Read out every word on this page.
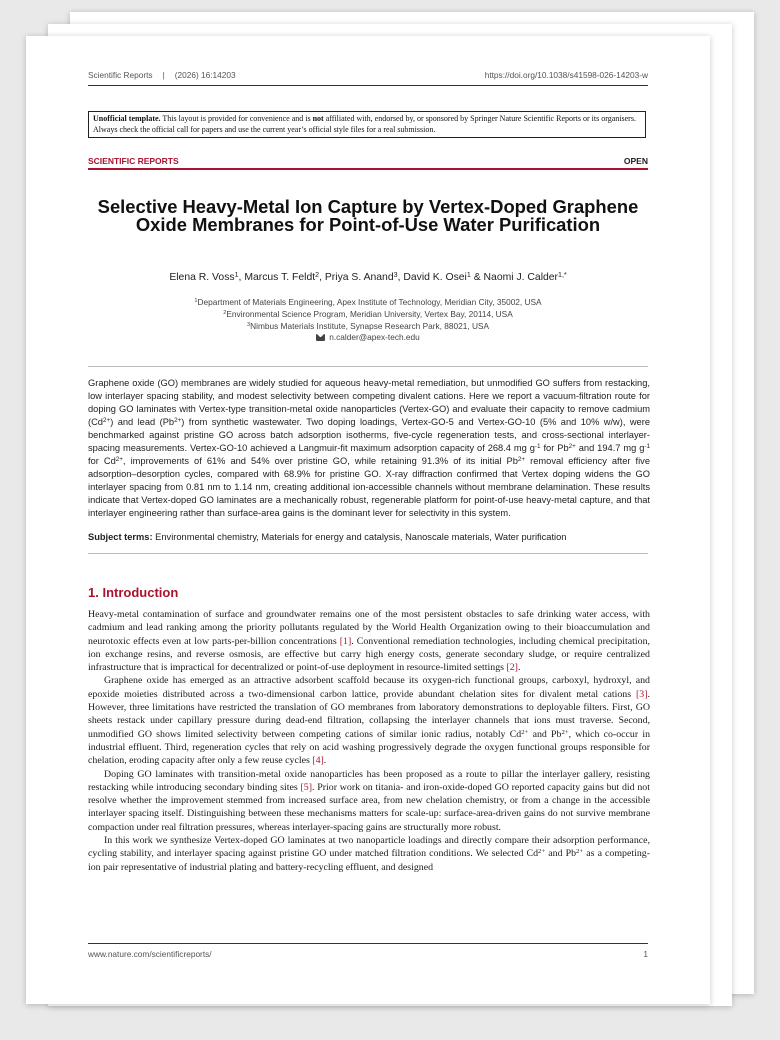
Scientific Reports | (2026) 16:14203	https://doi.org/10.1038/s41598-026-14203-w
Unofficial template. This layout is provided for convenience and is not affiliated with, endorsed by, or sponsored by Springer Nature Scientific Reports or its organisers. Always check the official call for papers and use the current year’s official style files for a real submission.
SCIENTIFIC REPORTS	OPEN
Selective Heavy-Metal Ion Capture by Vertex-Doped Graphene Oxide Membranes for Point-of-Use Water Purification
Elena R. Voss$^1$, Marcus T. Feldt$^2$, Priya S. Anand$^3$, David K. Osei$^1$ & Naomi J. Calder$^{1,*}$
$^1$Department of Materials Engineering, Apex Institute of Technology, Meridian City, 35002, USA
$^2$Environmental Science Program, Meridian University, Vertex Bay, 20114, USA
$^3$Nimbus Materials Institute, Synapse Research Park, 88021, USA
n.calder@apex-tech.edu
Graphene oxide (GO) membranes are widely studied for aqueous heavy-metal remediation, but unmodified GO suffers from restacking, low interlayer spacing stability, and modest selectivity between competing divalent cations. Here we report a vacuum-filtration route for doping GO laminates with Vertex-type transition-metal oxide nanoparticles (Vertex-GO) and evaluate their capacity to remove cadmium $(Cd^{2+})$ and lead $(Pb^{2+})$ from synthetic wastewater. Two doping loadings, Vertex-GO-5 and Vertex-GO-10 (5% and 10% w/w), were benchmarked against pristine GO across batch adsorption isotherms, five-cycle regeneration tests, and cross-sectional interlayer-spacing measurements. Vertex-GO-10 achieved a Langmuir-fit maximum adsorption capacity of 268.4 mg $g^{-1}$ for $Pb^{2+}$ and 194.7 mg $g^{-1}$ for $Cd^{2+}$, improvements of 61% and 54% over pristine GO, while retaining 91.3% of its initial $Pb^{2+}$ removal efficiency after five adsorption–desorption cycles, compared with 68.9% for pristine GO. X-ray diffraction confirmed that Vertex doping widens the GO interlayer spacing from 0.81 nm to 1.14 nm, creating additional ion-accessible channels without membrane delamination. These results indicate that Vertex-doped GO laminates are a mechanically robust, regenerable platform for point-of-use heavy-metal capture, and that interlayer engineering rather than surface-area gains is the dominant lever for selectivity in this system.
Subject terms: Environmental chemistry, Materials for energy and catalysis, Nanoscale materials, Water purification
1. Introduction

Heavy-metal contamination of surface and groundwater remains one of the most persistent obstacles to safe drinking water access, with cadmium and lead ranking among the priority pollutants regulated by the World Health Organization owing to their bioaccumulation and neurotoxic effects even at low parts-per-billion concentrations [1]. Conventional remediation technologies, including chemical precipitation, ion exchange resins, and reverse osmosis, are effective but carry high energy costs, generate secondary sludge, or require centralized infrastructure that is impractical for decentralized or point-of-use deployment in resource-limited settings [2].

Graphene oxide has emerged as an attractive adsorbent scaffold because its oxygen-rich functional groups, carboxyl, hydroxyl, and epoxide moieties distributed across a two-dimensional carbon lattice, provide abundant chelation sites for divalent metal cations [3]. However, three limitations have restricted the translation of GO membranes from laboratory demonstrations to deployable filters. First, GO sheets restack under capillary pressure during dead-end filtration, collapsing the interlayer channels that ions must traverse. Second, unmodified GO shows limited selectivity between competing cations of similar ionic radius, notably $Cd^{2+}$ and $Pb^{2+}$, which co-occur in industrial effluent. Third, regeneration cycles that rely on acid washing progressively degrade the oxygen functional groups responsible for chelation, eroding capacity after only a few reuse cycles [4].

Doping GO laminates with transition-metal oxide nanoparticles has been proposed as a route to pillar the interlayer gallery, resisting restacking while introducing secondary binding sites [5]. Prior work on titania- and iron-oxide-doped GO reported capacity gains but did not resolve whether the improvement stemmed from increased surface area, from new chelation chemistry, or from a change in the accessible interlayer spacing itself. Distinguishing between these mechanisms matters for scale-up: surface-area-driven gains do not survive membrane compaction under real filtration pressures, whereas interlayer-spacing gains are structurally more robust.

In this work we synthesize Vertex-doped GO laminates at two nanoparticle loadings and directly compare their adsorption performance, cycling stability, and interlayer spacing against pristine GO under matched filtration conditions. We selected $Cd^{2+}$ and $Pb^{2+}$ as a competing-ion pair representative of industrial plating and battery-recycling effluent, and designed

www.nature.com/scientificreports/	1
